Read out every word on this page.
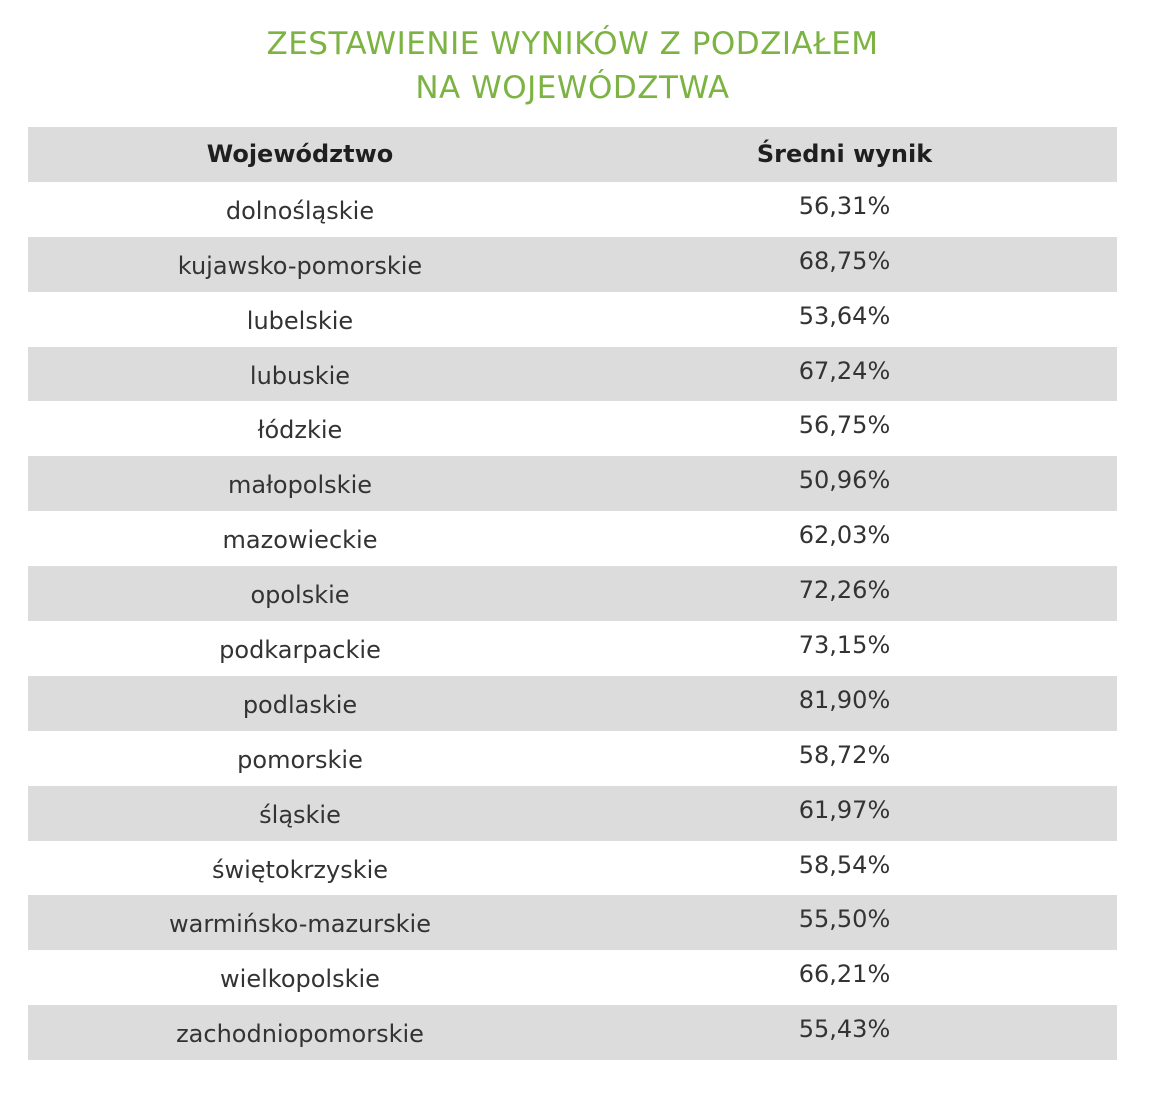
ZESTAWIENIE WYNIKÓW Z PODZIAŁEM
NA WOJEWÓDZTWA
Województwo	Średni wynik
dolnośląskie	56,31%
kujawsko-pomorskie	68,75%
lubelskie	53,64%
lubuskie	67,24%
łódzkie	56,75%
małopolskie	50,96%
mazowieckie	62,03%
opolskie	72,26%
podkarpackie	73,15%
podlaskie	81,90%
pomorskie	58,72%
śląskie	61,97%
świętokrzyskie	58,54%
warmińsko-mazurskie	55,50%
wielkopolskie	66,21%
zachodniopomorskie	55,43%
